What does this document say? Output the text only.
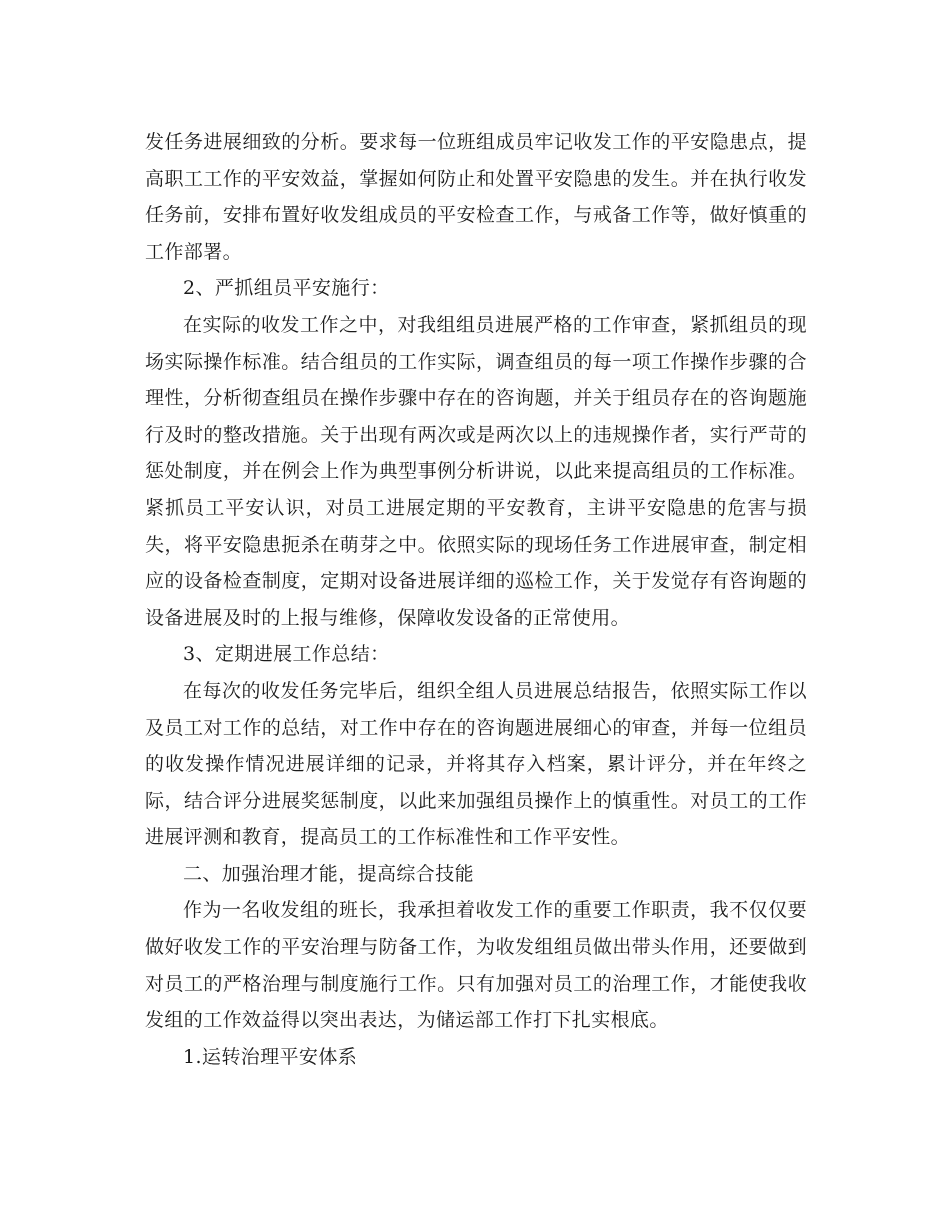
发任务进展细致的分析。要求每一位班组成员牢记收发工作的平安隐患点，提高职工工作的平安效益，掌握如何防止和处置平安隐患的发生。并在执行收发任务前，安排布置好收发组成员的平安检查工作，与戒备工作等，做好慎重的工作部署。

2、严抓组员平安施行：

在实际的收发工作之中，对我组组员进展严格的工作审查，紧抓组员的现场实际操作标准。结合组员的工作实际，调查组员的每一项工作操作步骤的合理性，分析彻查组员在操作步骤中存在的咨询题，并关于组员存在的咨询题施行及时的整改措施。关于出现有两次或是两次以上的违规操作者，实行严苛的惩处制度，并在例会上作为典型事例分析讲说，以此来提高组员的工作标准。紧抓员工平安认识，对员工进展定期的平安教育，主讲平安隐患的危害与损失，将平安隐患扼杀在萌芽之中。依照实际的现场任务工作进展审查，制定相应的设备检查制度，定期对设备进展详细的巡检工作，关于发觉存有咨询题的设备进展及时的上报与维修，保障收发设备的正常使用。

3、定期进展工作总结：

在每次的收发任务完毕后，组织全组人员进展总结报告，依照实际工作以及员工对工作的总结，对工作中存在的咨询题进展细心的审查，并每一位组员的收发操作情况进展详细的记录，并将其存入档案，累计评分，并在年终之际，结合评分进展奖惩制度，以此来加强组员操作上的慎重性。对员工的工作进展评测和教育，提高员工的工作标准性和工作平安性。

二、加强治理才能，提高综合技能

作为一名收发组的班长，我承担着收发工作的重要工作职责，我不仅仅要做好收发工作的平安治理与防备工作，为收发组组员做出带头作用，还要做到对员工的严格治理与制度施行工作。只有加强对员工的治理工作，才能使我收发组的工作效益得以突出表达，为储运部工作打下扎实根底。

1.运转治理平安体系
